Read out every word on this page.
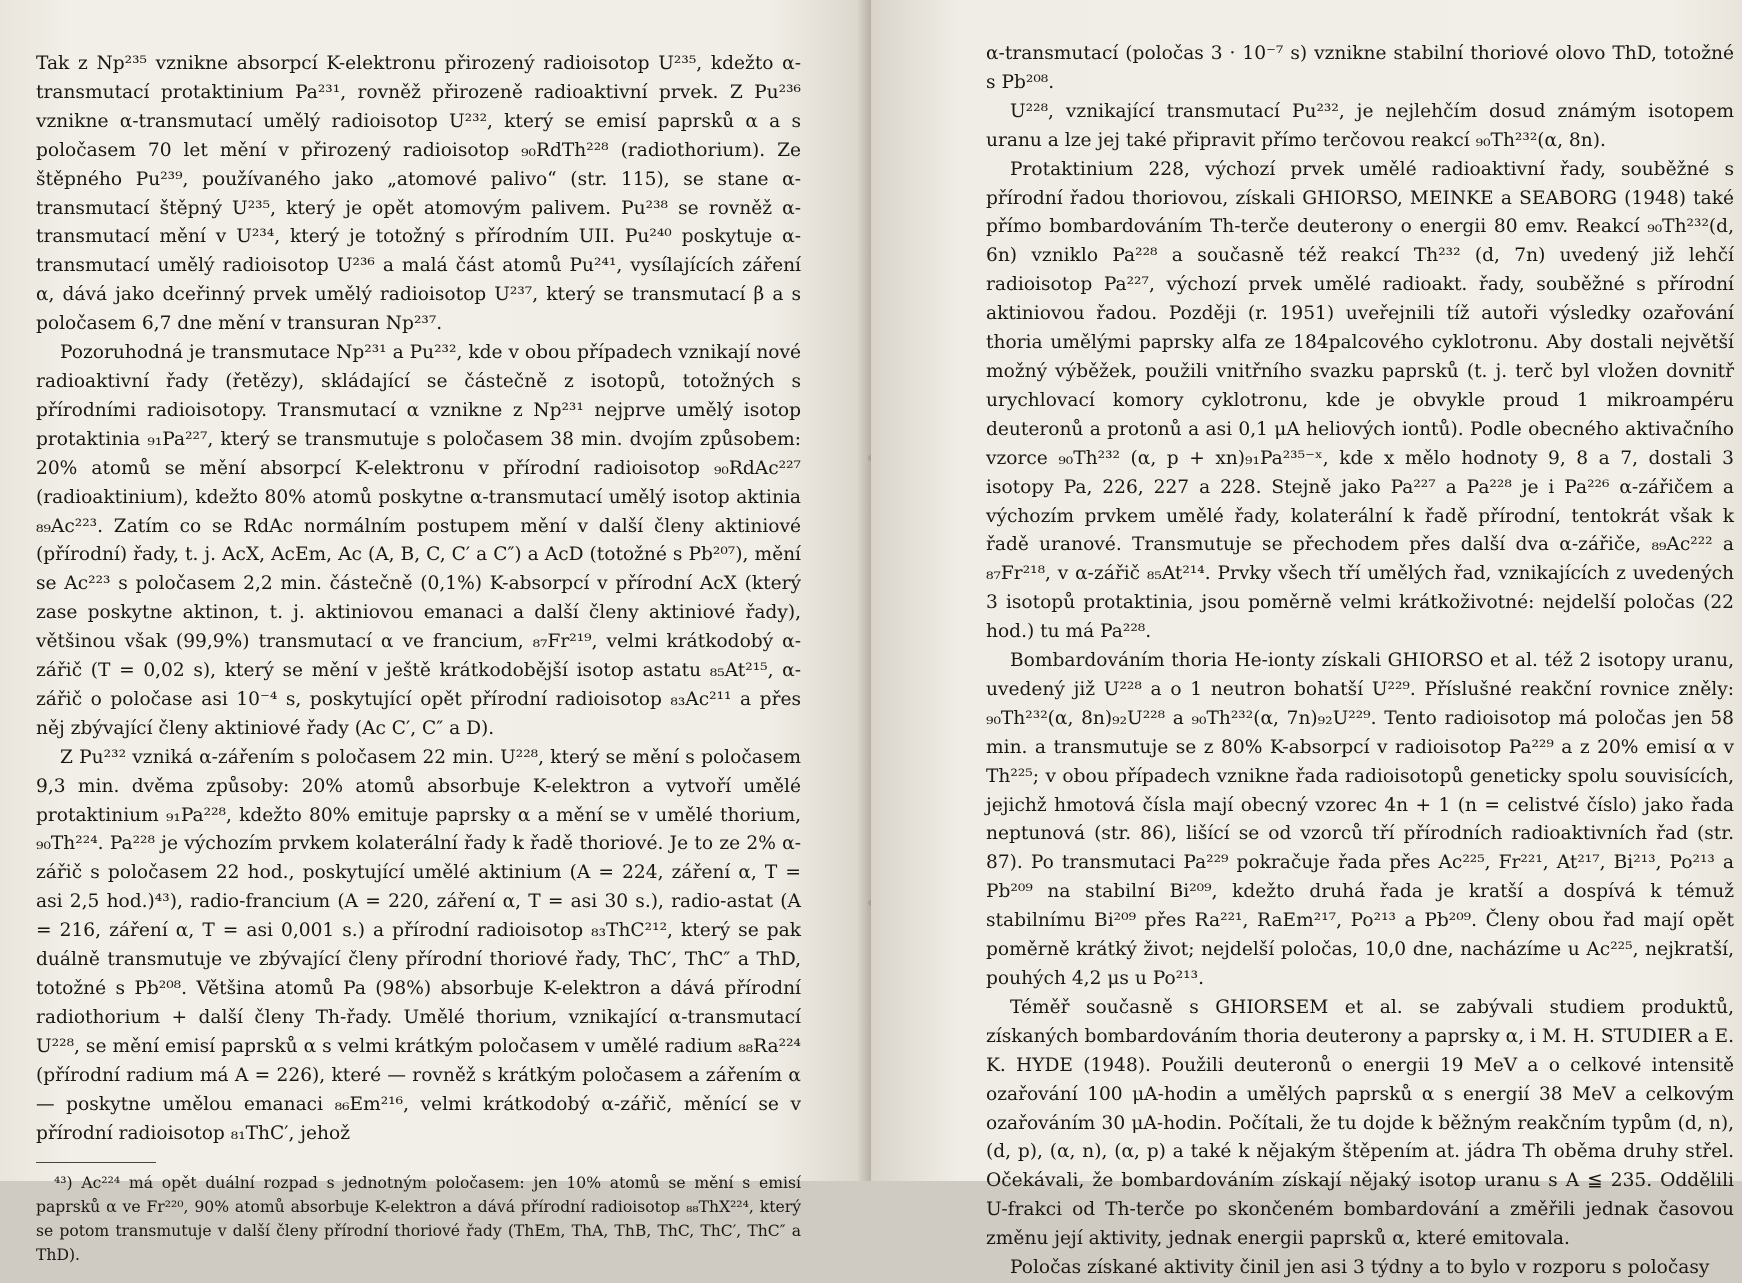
Tak z Np²³⁵ vznikne absorpcí K-elektronu přirozený radioisotop U²³⁵, kdežto α-transmutací protaktinium Pa²³¹, rovněž přirozeně radioaktivní prvek. Z Pu²³⁶ vznikne α-transmutací umělý radioisotop U²³², který se emisí paprsků α a s poločasem 70 let mění v přirozený radioisotop ₉₀RdTh²²⁸ (radiothorium). Ze štěpného Pu²³⁹, používaného jako „atomové palivo“ (str. 115), se stane α-transmutací štěpný U²³⁵, který je opět atomovým palivem. Pu²³⁸ se rovněž α-transmutací mění v U²³⁴, který je totožný s přírodním UII. Pu²⁴⁰ poskytuje α-transmutací umělý radioisotop U²³⁶ a malá část atomů Pu²⁴¹, vysílajících záření α, dává jako dceřinný prvek umělý radioisotop U²³⁷, který se transmutací β a s poločasem 6,7 dne mění v transuran Np²³⁷.

Pozoruhodná je transmutace Np²³¹ a Pu²³², kde v obou případech vznikají nové radioaktivní řady (řetězy), skládající se částečně z isotopů, totožných s přírodními radioisotopy. Transmutací α vznikne z Np²³¹ nejprve umělý isotop protaktinia ₉₁Pa²²⁷, který se transmutuje s poločasem 38 min. dvojím způsobem: 20% atomů se mění absorpcí K-elektronu v přírodní radioisotop ₉₀RdAc²²⁷ (radioaktinium), kdežto 80% atomů poskytne α-transmutací umělý isotop aktinia ₈₉Ac²²³. Zatím co se RdAc normálním postupem mění v další členy aktiniové (přírodní) řady, t. j. AcX, AcEm, Ac (A, B, C, C′ a C″) a AcD (totožné s Pb²⁰⁷), mění se Ac²²³ s poločasem 2,2 min. částečně (0,1%) K-absorpcí v přírodní AcX (který zase poskytne aktinon, t. j. aktiniovou emanaci a další členy aktiniové řady), většinou však (99,9%) transmutací α ve francium, ₈₇Fr²¹⁹, velmi krátkodobý α-zářič (T = 0,02 s), který se mění v ještě krátkodobější isotop astatu ₈₅At²¹⁵, α-zářič o poločase asi 10⁻⁴ s, poskytující opět přírodní radioisotop ₈₃Ac²¹¹ a přes něj zbývající členy aktiniové řady (Ac C′, C″ a D).

Z Pu²³² vzniká α-zářením s poločasem 22 min. U²²⁸, který se mění s poločasem 9,3 min. dvěma způsoby: 20% atomů absorbuje K-elektron a vytvoří umělé protaktinium ₉₁Pa²²⁸, kdežto 80% emituje paprsky α a mění se v umělé thorium, ₉₀Th²²⁴. Pa²²⁸ je výchozím prvkem kolaterální řady k řadě thoriové. Je to ze 2% α-zářič s poločasem 22 hod., poskytující umělé aktinium (A = 224, záření α, T = asi 2,5 hod.)⁴³), radio-francium (A = 220, záření α, T = asi 30 s.), radio-astat (A = 216, záření α, T = asi 0,001 s.) a přírodní radioisotop ₈₃ThC²¹², který se pak duálně transmutuje ve zbývající členy přírodní thoriové řady, ThC′, ThC″ a ThD, totožné s Pb²⁰⁸. Většina atomů Pa (98%) absorbuje K-elektron a dává přírodní radiothorium + další členy Th-řady. Umělé thorium, vznikající α-transmutací U²²⁸, se mění emisí paprsků α s velmi krátkým poločasem v umělé radium ₈₈Ra²²⁴ (přírodní radium má A = 226), které — rovněž s krátkým poločasem a zářením α — poskytne umělou emanaci ₈₆Em²¹⁶, velmi krátkodobý α-zářič, měnící se v přírodní radioisotop ₈₁ThC′, jehož

⁴³) Ac²²⁴ má opět duální rozpad s jednotným poločasem: jen 10% atomů se mění s emisí paprsků α ve Fr²²⁰, 90% atomů absorbuje K-elektron a dává přírodní radioisotop ₈₈ThX²²⁴, který se potom transmutuje v další členy přírodní thoriové řady (ThEm, ThA, ThB, ThC, ThC′, ThC″ a ThD).

α-transmutací (poločas 3 · 10⁻⁷ s) vznikne stabilní thoriové olovo ThD, totožné s Pb²⁰⁸.

U²²⁸, vznikající transmutací Pu²³², je nejlehčím dosud známým isotopem uranu a lze jej také připravit přímo terčovou reakcí ₉₀Th²³²(α, 8n).

Protaktinium 228, výchozí prvek umělé radioaktivní řady, souběžné s přírodní řadou thoriovou, získali GHIORSO, MEINKE a SEABORG (1948) také přímo bombardováním Th-terče deuterony o energii 80 emv. Reakcí ₉₀Th²³²(d, 6n) vzniklo Pa²²⁸ a současně též reakcí Th²³² (d, 7n) uvedený již lehčí radioisotop Pa²²⁷, výchozí prvek umělé radioakt. řady, souběžné s přírodní aktiniovou řadou. Později (r. 1951) uveřejnili tíž autoři výsledky ozařování thoria umělými paprsky alfa ze 184palcového cyklotronu. Aby dostali největší možný výběžek, použili vnitřního svazku paprsků (t. j. terč byl vložen dovnitř urychlovací komory cyklotronu, kde je obvykle proud 1 mikroampéru deuteronů a protonů a asi 0,1 μA heliových iontů). Podle obecného aktivačního vzorce ₉₀Th²³² (α, p + xn)₉₁Pa²³⁵⁻ˣ, kde x mělo hodnoty 9, 8 a 7, dostali 3 isotopy Pa, 226, 227 a 228. Stejně jako Pa²²⁷ a Pa²²⁸ je i Pa²²⁶ α-zářičem a výchozím prvkem umělé řady, kolaterální k řadě přírodní, tentokrát však k řadě uranové. Transmutuje se přechodem přes další dva α-zářiče, ₈₉Ac²²² a ₈₇Fr²¹⁸, v α-zářič ₈₅At²¹⁴. Prvky všech tří umělých řad, vznikajících z uvedených 3 isotopů protaktinia, jsou poměrně velmi krátkoživotné: nejdelší poločas (22 hod.) tu má Pa²²⁸.

Bombardováním thoria He-ionty získali GHIORSO et al. též 2 isotopy uranu, uvedený již U²²⁸ a o 1 neutron bohatší U²²⁹. Příslušné reakční rovnice zněly: ₉₀Th²³²(α, 8n)₉₂U²²⁸ a ₉₀Th²³²(α, 7n)₉₂U²²⁹. Tento radioisotop má poločas jen 58 min. a transmutuje se z 80% K-absorpcí v radioisotop Pa²²⁹ a z 20% emisí α v Th²²⁵; v obou případech vznikne řada radioisotopů geneticky spolu souvisících, jejichž hmotová čísla mají obecný vzorec 4n + 1 (n = celistvé číslo) jako řada neptunová (str. 86), lišící se od vzorců tří přírodních radioaktivních řad (str. 87). Po transmutaci Pa²²⁹ pokračuje řada přes Ac²²⁵, Fr²²¹, At²¹⁷, Bi²¹³, Po²¹³ a Pb²⁰⁹ na stabilní Bi²⁰⁹, kdežto druhá řada je kratší a dospívá k témuž stabilnímu Bi²⁰⁹ přes Ra²²¹, RaEm²¹⁷, Po²¹³ a Pb²⁰⁹. Členy obou řad mají opět poměrně krátký život; nejdelší poločas, 10,0 dne, nacházíme u Ac²²⁵, nejkratší, pouhých 4,2 μs u Po²¹³.

Téměř současně s GHIORSEM et al. se zabývali studiem produktů, získaných bombardováním thoria deuterony a paprsky α, i M. H. STUDIER a E. K. HYDE (1948). Použili deuteronů o energii 19 MeV a o celkové intensitě ozařování 100 μA-hodin a umělých paprsků α s energií 38 MeV a celkovým ozařováním 30 μA-hodin. Počítali, že tu dojde k běžným reakčním typům (d, n), (d, p), (α, n), (α, p) a také k nějakým štěpením at. jádra Th oběma druhy střel. Očekávali, že bombardováním získají nějaký isotop uranu s A ≦ 235. Oddělili U-frakci od Th-terče po skončeném bombardování a změřili jednak časovou změnu její aktivity, jednak energii paprsků α, které emitovala.

Poločas získané aktivity činil jen asi 3 týdny a to bylo v rozporu s poločasy
